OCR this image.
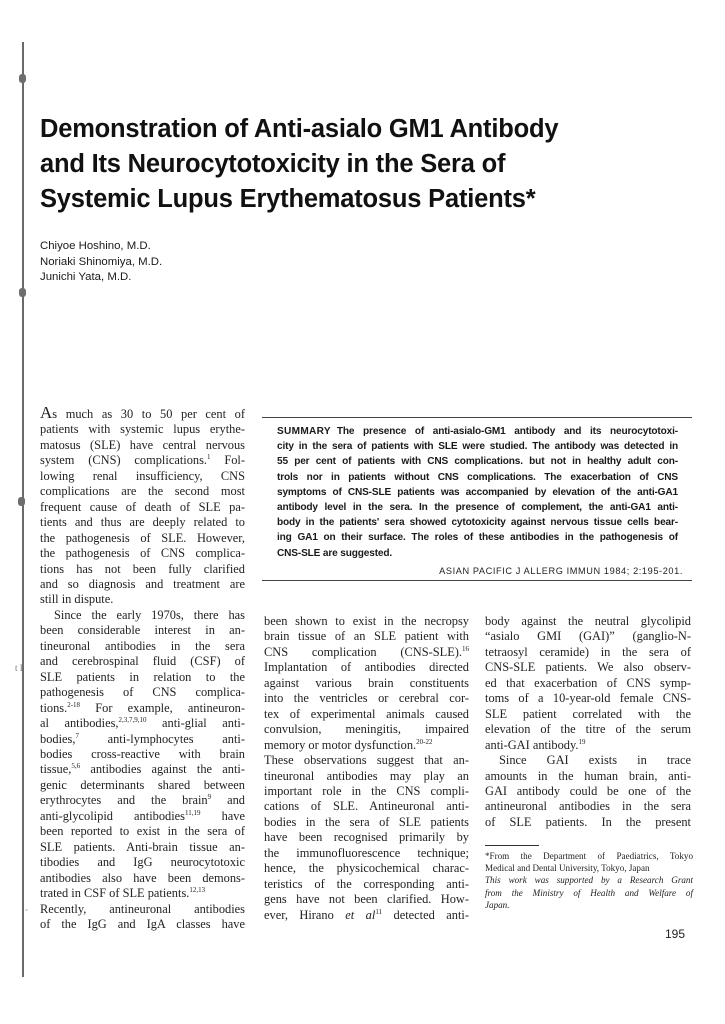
t I
˚
Demonstration of Anti-asialo GM1 Antibody
and Its Neurocytotoxicity in the Sera of
Systemic Lupus Erythematosus Patients*
Chiyoe Hoshino, M.D.
Noriaki Shinomiya, M.D.
Junichi Yata, M.D.
SUMMARY The presence of anti-asialo-GM1 antibody and its neurocytotoxi-
city in the sera of patients with SLE were studied. The antibody was detected in
55 per cent of patients with CNS complications. but not in healthy adult con-
trols nor in patients without CNS complications. The exacerbation of CNS
symptoms of CNS-SLE patients was accompanied by elevation of the anti-GA1
antibody level in the sera. In the presence of complement, the anti-GA1 anti-
body in the patients' sera showed cytotoxicity against nervous tissue cells bear-
ing GA1 on their surface. The roles of these antibodies in the pathogenesis of
CNS-SLE are suggested.
ASIAN PACIFIC J ALLERG IMMUN 1984; 2:195-201.
As much as 30 to 50 per cent of
patients with systemic lupus erythe-
matosus (SLE) have central nervous
system (CNS) complications.$^1$ Fol-
lowing renal insufficiency, CNS
complications are the second most
frequent cause of death of SLE pa-
tients and thus are deeply related to
the pathogenesis of SLE. However,
the pathogenesis of CNS complica-
tions has not been fully clarified
and so diagnosis and treatment are
still in dispute.
Since the early 1970s, there has
been considerable interest in an-
tineuronal antibodies in the sera
and cerebrospinal fluid (CSF) of
SLE patients in relation to the
pathogenesis of CNS complica-
tions.$^{2-18}$ For example, antineuron-
al antibodies,$^{2,3,7,9,10}$ anti-glial anti-
bodies,$^7$ anti-lymphocytes anti-
bodies cross-reactive with brain
tissue,$^{5,6}$ antibodies against the anti-
genic determinants shared between
erythrocytes and the brain$^9$ and
anti-glycolipid antibodies$^{11,19}$ have
been reported to exist in the sera of
SLE patients. Anti-brain tissue an-
tibodies and IgG neurocytotoxic
antibodies also have been demons-
trated in CSF of SLE patients.$^{12,13}$
Recently, antineuronal antibodies
of the IgG and IgA classes have
been shown to exist in the necropsy
brain tissue of an SLE patient with
CNS complication (CNS-SLE).$^{16}$
Implantation of antibodies directed
against various brain constituents
into the ventricles or cerebral cor-
tex of experimental animals caused
convulsion, meningitis, impaired
memory or motor dysfunction.$^{20-22}$
These observations suggest that an-
tineuronal antibodies may play an
important role in the CNS compli-
cations of SLE. Antineuronal anti-
bodies in the sera of SLE patients
have been recognised primarily by
the immunofluorescence technique;
hence, the physicochemical charac-
teristics of the corresponding anti-
gens have not been clarified. How-
ever, Hirano et $al^{11}$ detected anti-
body against the neutral glycolipid
“asialo GMI (GAI)” (ganglio-N-
tetraosyl ceramide) in the sera of
CNS-SLE patients. We also observ-
ed that exacerbation of CNS symp-
toms of a 10-year-old female CNS-
SLE patient correlated with the
elevation of the titre of the serum
anti-GAI antibody.$^{19}$
Since GAI exists in trace
amounts in the human brain, anti-
GAI antibody could be one of the
antineuronal antibodies in the sera
of SLE patients. In the present
*From the Department of Paediatrics, Tokyo
Medical and Dental University, Tokyo, Japan
This work was supported by a Research Grant
from the Ministry of Health and Welfare of
Japan.
195
